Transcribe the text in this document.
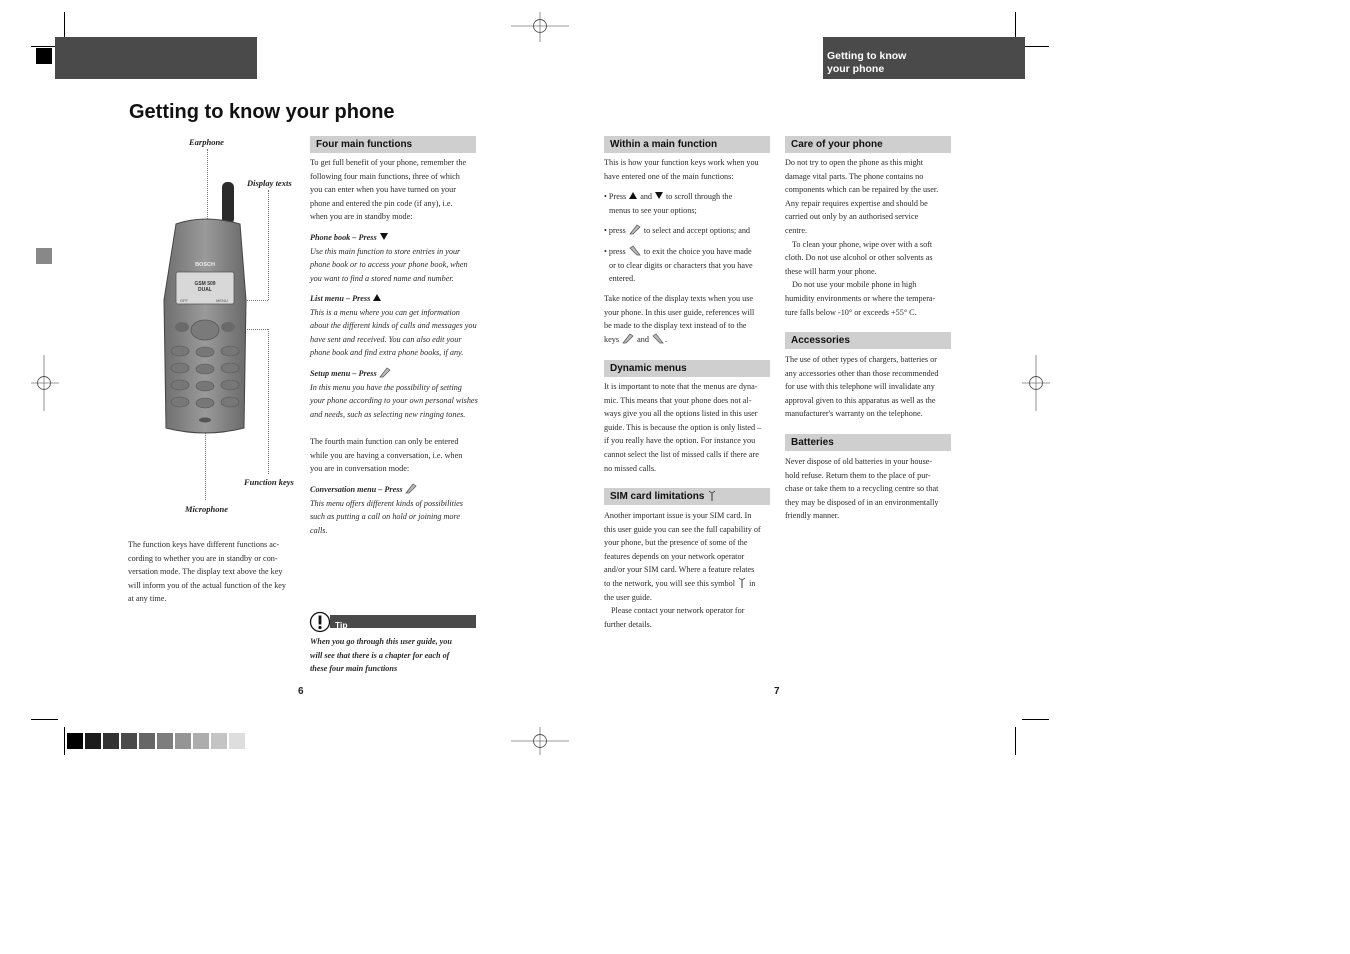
Getting to know
your phone
Getting to know your phone
Earphone
Display texts
Function keys
Microphone
BOSCH
GSM 509
DUAL
OFF	MENU
The function keys have different functions ac-
cording to whether you are in standby or con-
versation mode. The display text above the key
will inform you of the actual function of the key
at any time.
Four main functions
To get full benefit of your phone, remember the
following four main functions, three of which
you can enter when you have turned on your
phone and entered the pin code (if any), i.e.
when you are in standby mode:
Phone book – Press
Use this main function to store entries in your
phone book or to access your phone book, when
you want to find a stored name and number.
List menu – Press
This is a menu where you can get information
about the different kinds of calls and messages you
have sent and received. You can also edit your
phone book and find extra phone books, if any.
Setup menu – Press
In this menu you have the possibility of setting
your phone according to your own personal wishes
and needs, such as selecting new ringing tones.
The fourth main function can only be entered
while you are having a conversation, i.e. when
you are in conversation mode:
Conversation menu – Press
This menu offers different kinds of possibilities
such as putting a call on hold or joining more
calls.
Tip
When you go through this user guide, you
will see that there is a chapter for each of
these four main functions
6
Within a main function
This is how your function keys work when you
have entered one of the main functions:
• Press and to scroll through the
menus to see your options;
• press to select and accept options; and
• press to exit the choice you have made
or to clear digits or characters that you have
entered.
Take notice of the display texts when you use
your phone. In this user guide, references will
be made to the display text instead of to the
keys and .
Dynamic menus
It is important to note that the menus are dyna-
mic. This means that your phone does not al-
ways give you all the options listed in this user
guide. This is because the option is only listed –
if you really have the option. For instance you
cannot select the list of missed calls if there are
no missed calls.
SIM card limitations
Another important issue is your SIM card. In
this user guide you can see the full capability of
your phone, but the presence of some of the
features depends on your network operator
and/or your SIM card. Where a feature relates
to the network, you will see this symbol in
the user guide.
Please contact your network operator for
further details.
Care of your phone
Do not try to open the phone as this might
damage vital parts. The phone contains no
components which can be repaired by the user.
Any repair requires expertise and should be
carried out only by an authorised service
centre.
To clean your phone, wipe over with a soft
cloth. Do not use alcohol or other solvents as
these will harm your phone.
Do not use your mobile phone in high
humidity environments or where the tempera-
ture falls below -10° or exceeds +55° C.
Accessories
The use of other types of chargers, batteries or
any accessories other than those recommended
for use with this telephone will invalidate any
approval given to this apparatus as well as the
manufacturer's warranty on the telephone.
Batteries
Never dispose of old batteries in your house-
hold refuse. Return them to the place of pur-
chase or take them to a recycling centre so that
they may be disposed of in an environmentally
friendly manner.
7
